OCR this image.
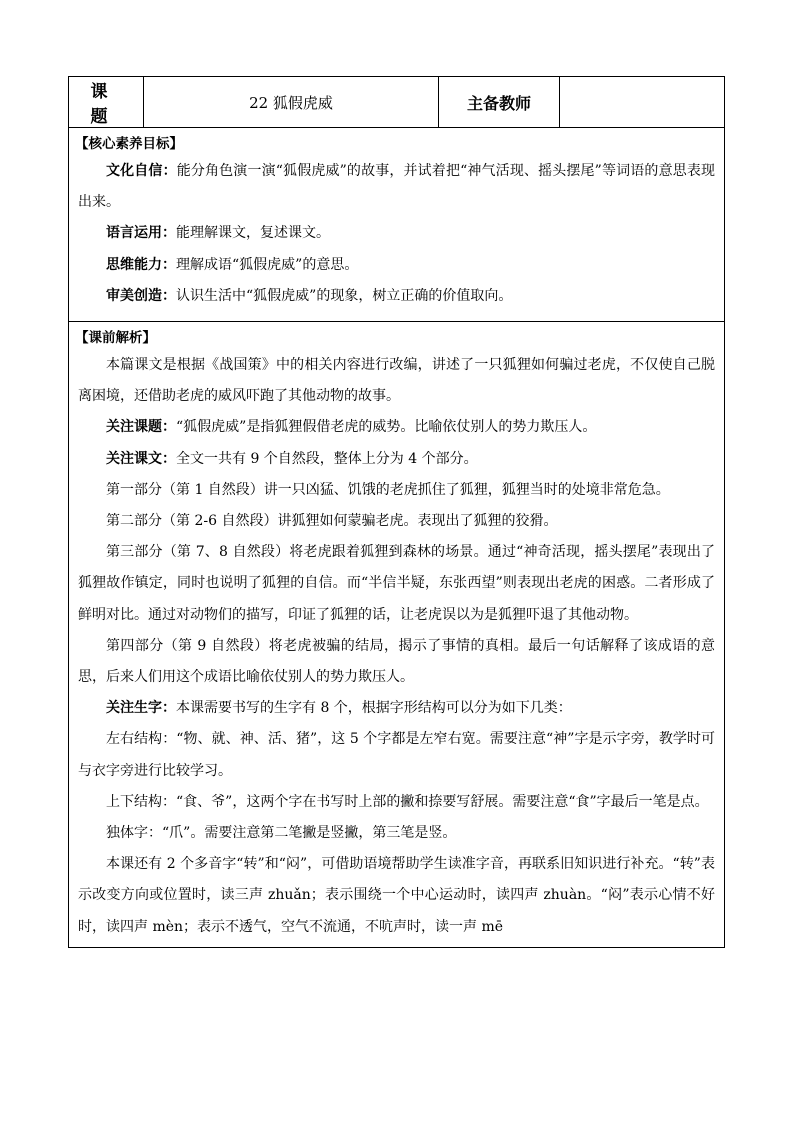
课 题	22 狐假虎威	主备教师	

【核心素养目标】

文化自信：能分角色演一演“狐假虎威”的故事，并试着把“神气活现、摇头摆尾”等词语的意思表现出来。

语言运用：能理解课文，复述课文。

思维能力：理解成语“狐假虎威”的意思。

审美创造：认识生活中“狐假虎威”的现象，树立正确的价值取向。

【课前解析】

本篇课文是根据《战国策》中的相关内容进行改编，讲述了一只狐狸如何骗过老虎，不仅使自己脱离困境，还借助老虎的威风吓跑了其他动物的故事。

关注课题：“狐假虎威”是指狐狸假借老虎的威势。比喻依仗别人的势力欺压人。

关注课文：全文一共有 9 个自然段，整体上分为 4 个部分。

第一部分（第 1 自然段）讲一只凶猛、饥饿的老虎抓住了狐狸，狐狸当时的处境非常危急。

第二部分（第 2-6 自然段）讲狐狸如何蒙骗老虎。表现出了狐狸的狡猾。

第三部分（第 7、8 自然段）将老虎跟着狐狸到森林的场景。通过“神奇活现，摇头摆尾”表现出了狐狸故作镇定，同时也说明了狐狸的自信。而“半信半疑，东张西望”则表现出老虎的困惑。二者形成了鲜明对比。通过对动物们的描写，印证了狐狸的话，让老虎误以为是狐狸吓退了其他动物。

第四部分（第 9 自然段）将老虎被骗的结局，揭示了事情的真相。最后一句话解释了该成语的意思，后来人们用这个成语比喻依仗别人的势力欺压人。

关注生字：本课需要书写的生字有 8 个，根据字形结构可以分为如下几类：

左右结构：“物、就、神、活、猪”，这 5 个字都是左窄右宽。需要注意“神”字是示字旁，教学时可与衣字旁进行比较学习。

上下结构：“食、爷”，这两个字在书写时上部的撇和捺要写舒展。需要注意“食”字最后一笔是点。

独体字：“爪”。需要注意第二笔撇是竖撇，第三笔是竖。

本课还有 2 个多音字“转”和“闷”，可借助语境帮助学生读准字音，再联系旧知识进行补充。“转”表示改变方向或位置时，读三声 zhuǎn；表示围绕一个中心运动时，读四声 zhuàn。“闷”表示心情不好时，读四声 mèn；表示不透气，空气不流通，不吭声时，读一声 mē
